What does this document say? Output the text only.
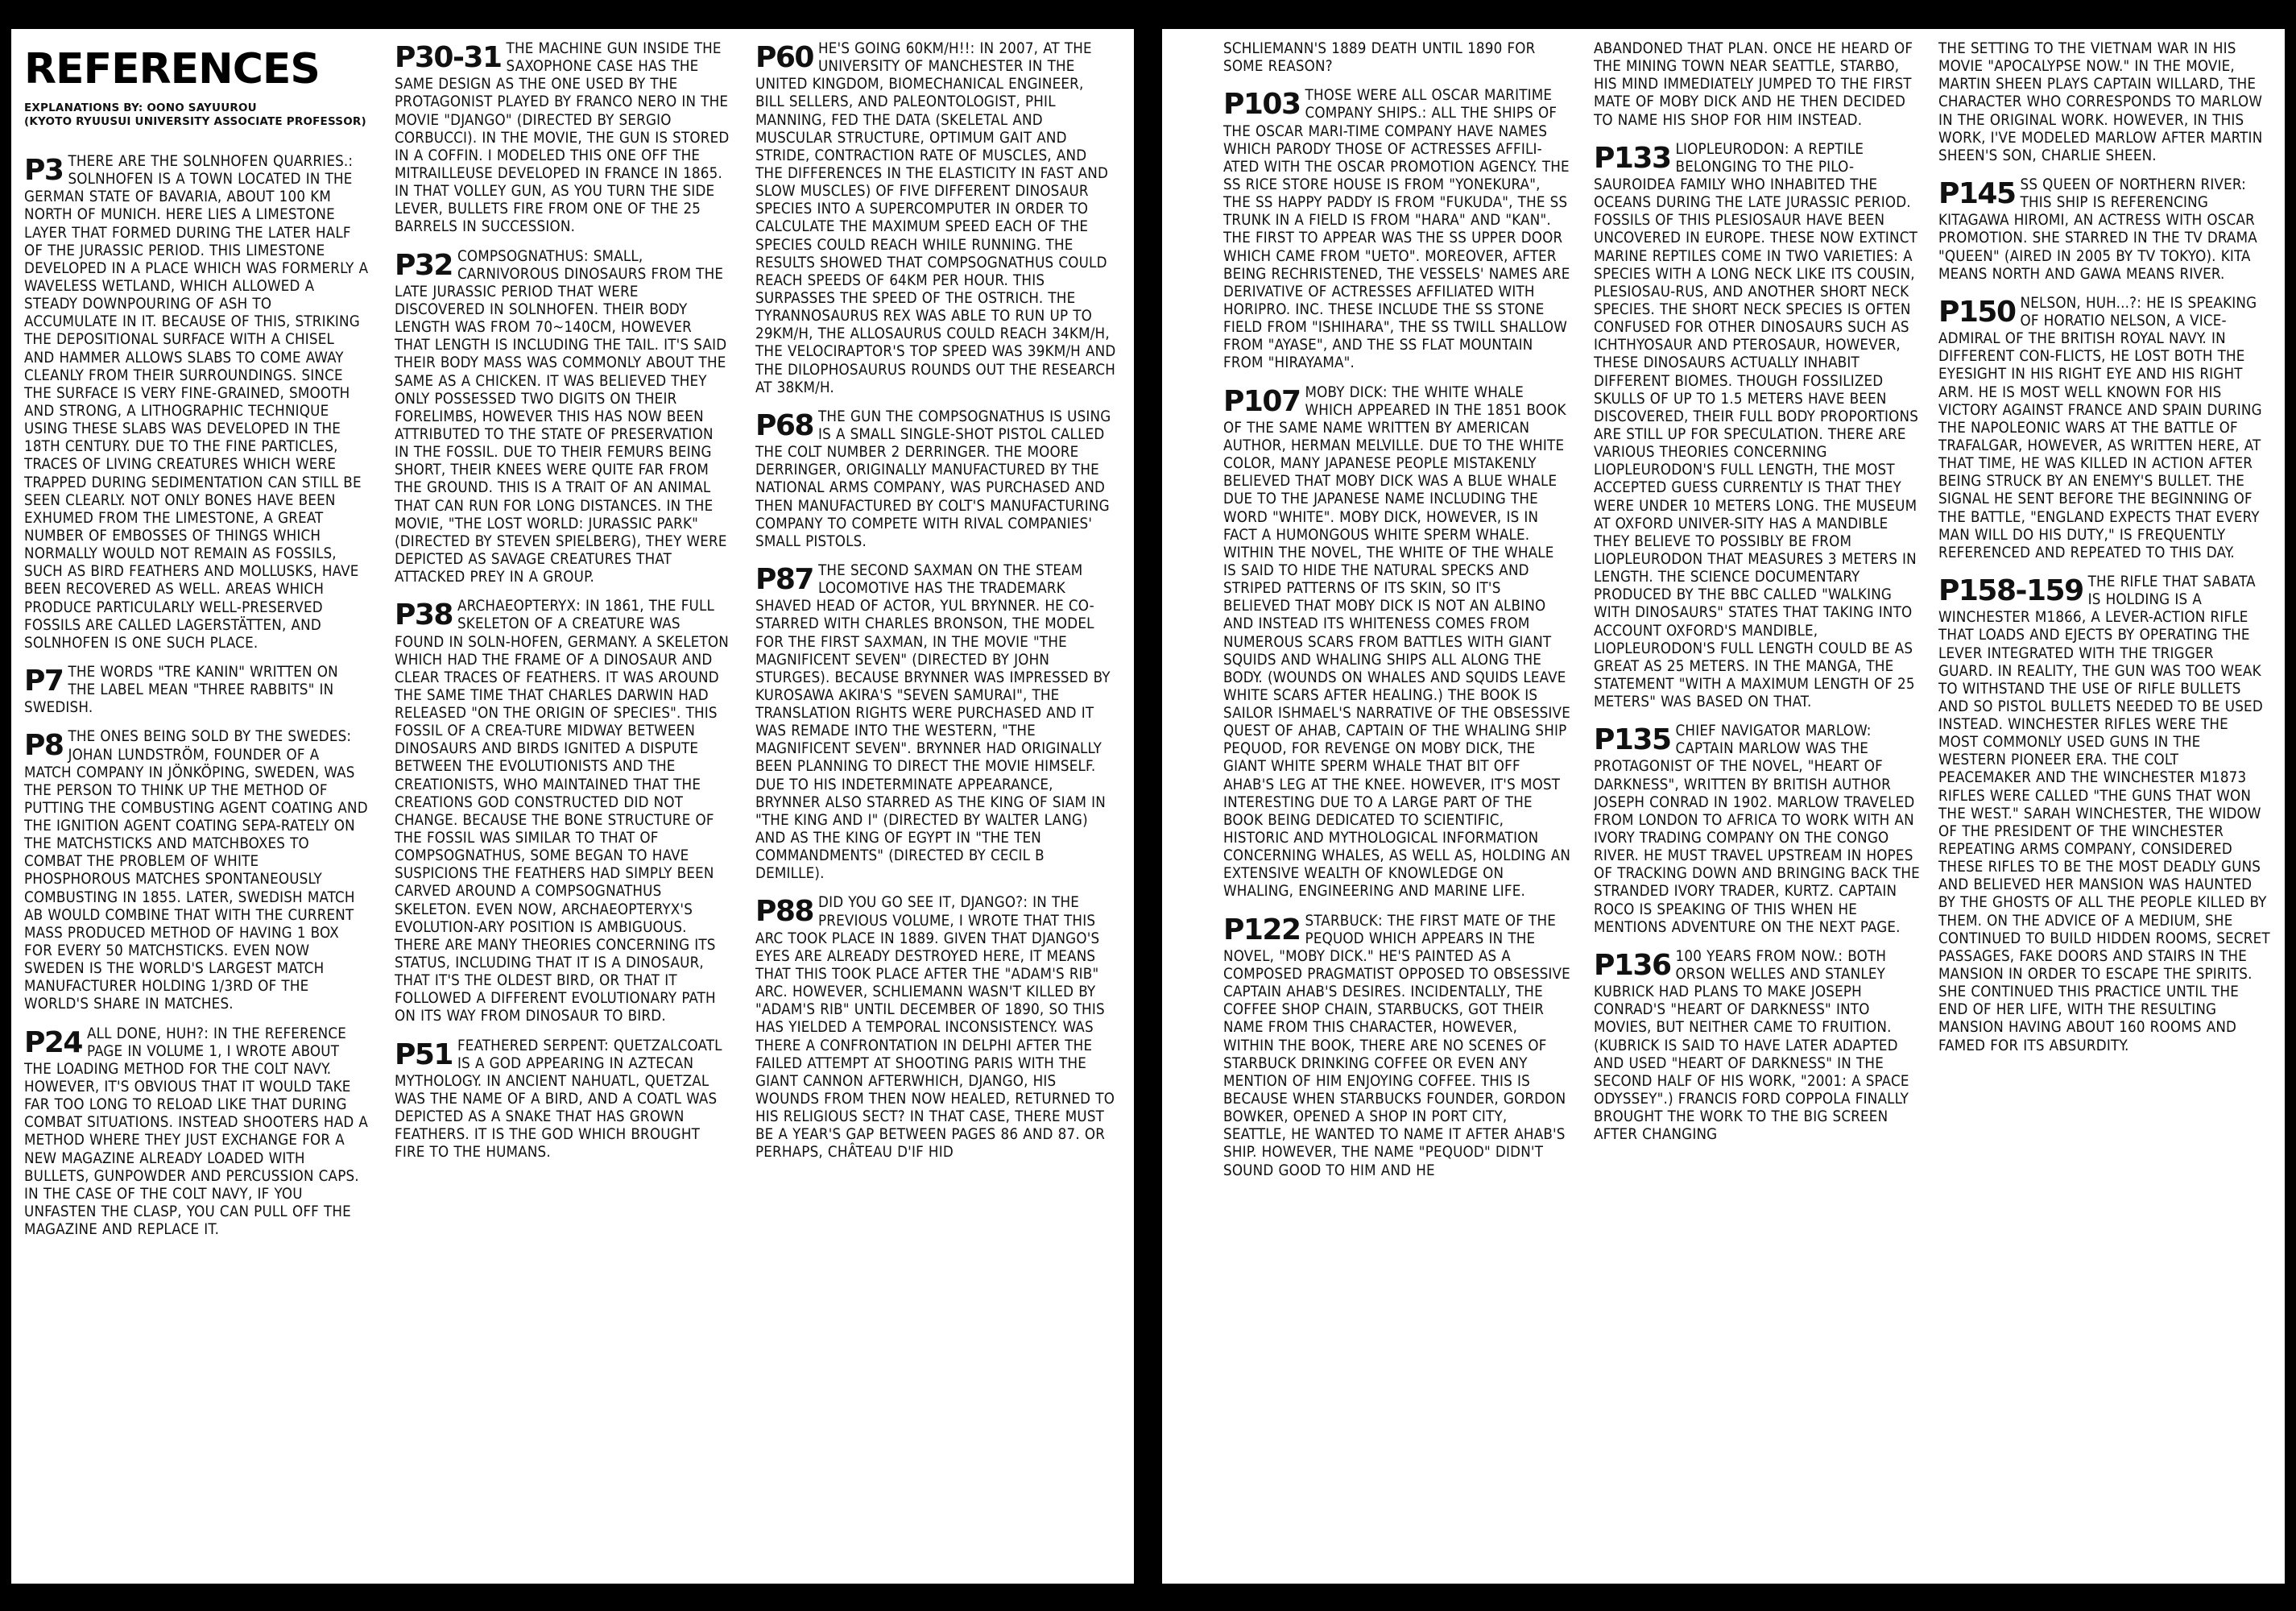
REFERENCES
EXPLANATIONS BY: OONO SAYUUROU
(KYOTO RYUUSUI UNIVERSITY ASSOCIATE PROFESSOR)

P3 THERE ARE THE SOLNHOFEN QUARRIES.: SOLNHOFEN IS A TOWN LOCATED IN THE GERMAN STATE OF BAVARIA, ABOUT 100 KM NORTH OF MUNICH. HERE LIES A LIMESTONE LAYER THAT FORMED DURING THE LATER HALF OF THE JURASSIC PERIOD. THIS LIMESTONE DEVELOPED IN A PLACE WHICH WAS FORMERLY A WAVELESS WETLAND, WHICH ALLOWED A STEADY DOWNPOURING OF ASH TO ACCUMULATE IN IT. BECAUSE OF THIS, STRIKING THE DEPOSITIONAL SURFACE WITH A CHISEL AND HAMMER ALLOWS SLABS TO COME AWAY CLEANLY FROM THEIR SURROUNDINGS. SINCE THE SURFACE IS VERY FINE-GRAINED, SMOOTH AND STRONG, A LITHOGRAPHIC TECHNIQUE USING THESE SLABS WAS DEVELOPED IN THE 18TH CENTURY. DUE TO THE FINE PARTICLES, TRACES OF LIVING CREATURES WHICH WERE TRAPPED DURING SEDIMENTATION CAN STILL BE SEEN CLEARLY. NOT ONLY BONES HAVE BEEN EXHUMED FROM THE LIMESTONE, A GREAT NUMBER OF EMBOSSES OF THINGS WHICH NORMALLY WOULD NOT REMAIN AS FOSSILS, SUCH AS BIRD FEATHERS AND MOLLUSKS, HAVE BEEN RECOVERED AS WELL. AREAS WHICH PRODUCE PARTICULARLY WELL-PRESERVED FOSSILS ARE CALLED LAGERSTÄTTEN, AND SOLNHOFEN IS ONE SUCH PLACE.

P7 THE WORDS "TRE KANIN" WRITTEN ON THE LABEL MEAN "THREE RABBITS" IN SWEDISH.

P8 THE ONES BEING SOLD BY THE SWEDES: JOHAN LUNDSTRÖM, FOUNDER OF A MATCH COMPANY IN JÖNKÖPING, SWEDEN, WAS THE PERSON TO THINK UP THE METHOD OF PUTTING THE COMBUSTING AGENT COATING AND THE IGNITION AGENT COATING SEPA-RATELY ON THE MATCHSTICKS AND MATCHBOXES TO COMBAT THE PROBLEM OF WHITE PHOSPHOROUS MATCHES SPONTANEOUSLY COMBUSTING IN 1855. LATER, SWEDISH MATCH AB WOULD COMBINE THAT WITH THE CURRENT MASS PRODUCED METHOD OF HAVING 1 BOX FOR EVERY 50 MATCHSTICKS. EVEN NOW SWEDEN IS THE WORLD'S LARGEST MATCH MANUFACTURER HOLDING 1/3RD OF THE WORLD'S SHARE IN MATCHES.

P24 ALL DONE, HUH?: IN THE REFERENCE PAGE IN VOLUME 1, I WROTE ABOUT THE LOADING METHOD FOR THE COLT NAVY. HOWEVER, IT'S OBVIOUS THAT IT WOULD TAKE FAR TOO LONG TO RELOAD LIKE THAT DURING COMBAT SITUATIONS. INSTEAD SHOOTERS HAD A METHOD WHERE THEY JUST EXCHANGE FOR A NEW MAGAZINE ALREADY LOADED WITH BULLETS, GUNPOWDER AND PERCUSSION CAPS. IN THE CASE OF THE COLT NAVY, IF YOU UNFASTEN THE CLASP, YOU CAN PULL OFF THE MAGAZINE AND REPLACE IT.

P30-31 THE MACHINE GUN INSIDE THE SAXOPHONE CASE HAS THE SAME DESIGN AS THE ONE USED BY THE PROTAGONIST PLAYED BY FRANCO NERO IN THE MOVIE "DJANGO" (DIRECTED BY SERGIO CORBUCCI). IN THE MOVIE, THE GUN IS STORED IN A COFFIN. I MODELED THIS ONE OFF THE MITRAILLEUSE DEVELOPED IN FRANCE IN 1865. IN THAT VOLLEY GUN, AS YOU TURN THE SIDE LEVER, BULLETS FIRE FROM ONE OF THE 25 BARRELS IN SUCCESSION.

P32 COMPSOGNATHUS: SMALL, CARNIVOROUS DINOSAURS FROM THE LATE JURASSIC PERIOD THAT WERE DISCOVERED IN SOLNHOFEN. THEIR BODY LENGTH WAS FROM 70~140CM, HOWEVER THAT LENGTH IS INCLUDING THE TAIL. IT'S SAID THEIR BODY MASS WAS COMMONLY ABOUT THE SAME AS A CHICKEN. IT WAS BELIEVED THEY ONLY POSSESSED TWO DIGITS ON THEIR FORELIMBS, HOWEVER THIS HAS NOW BEEN ATTRIBUTED TO THE STATE OF PRESERVATION IN THE FOSSIL. DUE TO THEIR FEMURS BEING SHORT, THEIR KNEES WERE QUITE FAR FROM THE GROUND. THIS IS A TRAIT OF AN ANIMAL THAT CAN RUN FOR LONG DISTANCES. IN THE MOVIE, "THE LOST WORLD: JURASSIC PARK" (DIRECTED BY STEVEN SPIELBERG), THEY WERE DEPICTED AS SAVAGE CREATURES THAT ATTACKED PREY IN A GROUP.

P38 ARCHAEOPTERYX: IN 1861, THE FULL SKELETON OF A CREATURE WAS FOUND IN SOLN-HOFEN, GERMANY. A SKELETON WHICH HAD THE FRAME OF A DINOSAUR AND CLEAR TRACES OF FEATHERS. IT WAS AROUND THE SAME TIME THAT CHARLES DARWIN HAD RELEASED "ON THE ORIGIN OF SPECIES". THIS FOSSIL OF A CREA-TURE MIDWAY BETWEEN DINOSAURS AND BIRDS IGNITED A DISPUTE BETWEEN THE EVOLUTIONISTS AND THE CREATIONISTS, WHO MAINTAINED THAT THE CREATIONS GOD CONSTRUCTED DID NOT CHANGE. BECAUSE THE BONE STRUCTURE OF THE FOSSIL WAS SIMILAR TO THAT OF COMPSOGNATHUS, SOME BEGAN TO HAVE SUSPICIONS THE FEATHERS HAD SIMPLY BEEN CARVED AROUND A COMPSOGNATHUS SKELETON. EVEN NOW, ARCHAEOPTERYX'S EVOLUTION-ARY POSITION IS AMBIGUOUS. THERE ARE MANY THEORIES CONCERNING ITS STATUS, INCLUDING THAT IT IS A DINOSAUR, THAT IT'S THE OLDEST BIRD, OR THAT IT FOLLOWED A DIFFERENT EVOLUTIONARY PATH ON ITS WAY FROM DINOSAUR TO BIRD.

P51 FEATHERED SERPENT: QUETZALCOATL IS A GOD APPEARING IN AZTECAN MYTHOLOGY. IN ANCIENT NAHUATL, QUETZAL WAS THE NAME OF A BIRD, AND A COATL WAS DEPICTED AS A SNAKE THAT HAS GROWN FEATHERS. IT IS THE GOD WHICH BROUGHT FIRE TO THE HUMANS.

P60 HE'S GOING 60KM/H!!: IN 2007, AT THE UNIVERSITY OF MANCHESTER IN THE UNITED KINGDOM, BIOMECHANICAL ENGINEER, BILL SELLERS, AND PALEONTOLOGIST, PHIL MANNING, FED THE DATA (SKELETAL AND MUSCULAR STRUCTURE, OPTIMUM GAIT AND STRIDE, CONTRACTION RATE OF MUSCLES, AND THE DIFFERENCES IN THE ELASTICITY IN FAST AND SLOW MUSCLES) OF FIVE DIFFERENT DINOSAUR SPECIES INTO A SUPERCOMPUTER IN ORDER TO CALCULATE THE MAXIMUM SPEED EACH OF THE SPECIES COULD REACH WHILE RUNNING. THE RESULTS SHOWED THAT COMPSOGNATHUS COULD REACH SPEEDS OF 64KM PER HOUR. THIS SURPASSES THE SPEED OF THE OSTRICH. THE TYRANNOSAURUS REX WAS ABLE TO RUN UP TO 29KM/H, THE ALLOSAURUS COULD REACH 34KM/H, THE VELOCIRAPTOR'S TOP SPEED WAS 39KM/H AND THE DILOPHOSAURUS ROUNDS OUT THE RESEARCH AT 38KM/H.

P68 THE GUN THE COMPSOGNATHUS IS USING IS A SMALL SINGLE-SHOT PISTOL CALLED THE COLT NUMBER 2 DERRINGER. THE MOORE DERRINGER, ORIGINALLY MANUFACTURED BY THE NATIONAL ARMS COMPANY, WAS PURCHASED AND THEN MANUFACTURED BY COLT'S MANUFACTURING COMPANY TO COMPETE WITH RIVAL COMPANIES' SMALL PISTOLS.

P87 THE SECOND SAXMAN ON THE STEAM LOCOMOTIVE HAS THE TRADEMARK SHAVED HEAD OF ACTOR, YUL BRYNNER. HE CO-STARRED WITH CHARLES BRONSON, THE MODEL FOR THE FIRST SAXMAN, IN THE MOVIE "THE MAGNIFICENT SEVEN" (DIRECTED BY JOHN STURGES). BECAUSE BRYNNER WAS IMPRESSED BY KUROSAWA AKIRA'S "SEVEN SAMURAI", THE TRANSLATION RIGHTS WERE PURCHASED AND IT WAS REMADE INTO THE WESTERN, "THE MAGNIFICENT SEVEN". BRYNNER HAD ORIGINALLY BEEN PLANNING TO DIRECT THE MOVIE HIMSELF. DUE TO HIS INDETERMINATE APPEARANCE, BRYNNER ALSO STARRED AS THE KING OF SIAM IN "THE KING AND I" (DIRECTED BY WALTER LANG) AND AS THE KING OF EGYPT IN "THE TEN COMMANDMENTS" (DIRECTED BY CECIL B DEMILLE).

P88 DID YOU GO SEE IT, DJANGO?: IN THE PREVIOUS VOLUME, I WROTE THAT THIS ARC TOOK PLACE IN 1889. GIVEN THAT DJANGO'S EYES ARE ALREADY DESTROYED HERE, IT MEANS THAT THIS TOOK PLACE AFTER THE "ADAM'S RIB" ARC. HOWEVER, SCHLIEMANN WASN'T KILLED BY "ADAM'S RIB" UNTIL DECEMBER OF 1890, SO THIS HAS YIELDED A TEMPORAL INCONSISTENCY. WAS THERE A CONFRONTATION IN DELPHI AFTER THE FAILED ATTEMPT AT SHOOTING PARIS WITH THE GIANT CANNON AFTERWHICH, DJANGO, HIS WOUNDS FROM THEN NOW HEALED, RETURNED TO HIS RELIGIOUS SECT? IN THAT CASE, THERE MUST BE A YEAR'S GAP BETWEEN PAGES 86 AND 87. OR PERHAPS, CHÂTEAU D'IF HID

SCHLIEMANN'S 1889 DEATH UNTIL 1890 FOR SOME REASON?

P103 THOSE WERE ALL OSCAR MARITIME COMPANY SHIPS.: ALL THE SHIPS OF THE OSCAR MARI-TIME COMPANY HAVE NAMES WHICH PARODY THOSE OF ACTRESSES AFFILI-ATED WITH THE OSCAR PROMOTION AGENCY. THE SS RICE STORE HOUSE IS FROM "YONEKURA", THE SS HAPPY PADDY IS FROM "FUKUDA", THE SS TRUNK IN A FIELD IS FROM "HARA" AND "KAN". THE FIRST TO APPEAR WAS THE SS UPPER DOOR WHICH CAME FROM "UETO". MOREOVER, AFTER BEING RECHRISTENED, THE VESSELS' NAMES ARE DERIVATIVE OF ACTRESSES AFFILIATED WITH HORIPRO. INC. THESE INCLUDE THE SS STONE FIELD FROM "ISHIHARA", THE SS TWILL SHALLOW FROM "AYASE", AND THE SS FLAT MOUNTAIN FROM "HIRAYAMA".

P107 MOBY DICK: THE WHITE WHALE WHICH APPEARED IN THE 1851 BOOK OF THE SAME NAME WRITTEN BY AMERICAN AUTHOR, HERMAN MELVILLE. DUE TO THE WHITE COLOR, MANY JAPANESE PEOPLE MISTAKENLY BELIEVED THAT MOBY DICK WAS A BLUE WHALE DUE TO THE JAPANESE NAME INCLUDING THE WORD "WHITE". MOBY DICK, HOWEVER, IS IN FACT A HUMONGOUS WHITE SPERM WHALE. WITHIN THE NOVEL, THE WHITE OF THE WHALE IS SAID TO HIDE THE NATURAL SPECKS AND STRIPED PATTERNS OF ITS SKIN, SO IT'S BELIEVED THAT MOBY DICK IS NOT AN ALBINO AND INSTEAD ITS WHITENESS COMES FROM NUMEROUS SCARS FROM BATTLES WITH GIANT SQUIDS AND WHALING SHIPS ALL ALONG THE BODY. (WOUNDS ON WHALES AND SQUIDS LEAVE WHITE SCARS AFTER HEALING.) THE BOOK IS SAILOR ISHMAEL'S NARRATIVE OF THE OBSESSIVE QUEST OF AHAB, CAPTAIN OF THE WHALING SHIP PEQUOD, FOR REVENGE ON MOBY DICK, THE GIANT WHITE SPERM WHALE THAT BIT OFF AHAB'S LEG AT THE KNEE. HOWEVER, IT'S MOST INTERESTING DUE TO A LARGE PART OF THE BOOK BEING DEDICATED TO SCIENTIFIC, HISTORIC AND MYTHOLOGICAL INFORMATION CONCERNING WHALES, AS WELL AS, HOLDING AN EXTENSIVE WEALTH OF KNOWLEDGE ON WHALING, ENGINEERING AND MARINE LIFE.

P122 STARBUCK: THE FIRST MATE OF THE PEQUOD WHICH APPEARS IN THE NOVEL, "MOBY DICK." HE'S PAINTED AS A COMPOSED PRAGMATIST OPPOSED TO OBSESSIVE CAPTAIN AHAB'S DESIRES. INCIDENTALLY, THE COFFEE SHOP CHAIN, STARBUCKS, GOT THEIR NAME FROM THIS CHARACTER, HOWEVER, WITHIN THE BOOK, THERE ARE NO SCENES OF STARBUCK DRINKING COFFEE OR EVEN ANY MENTION OF HIM ENJOYING COFFEE. THIS IS BECAUSE WHEN STARBUCKS FOUNDER, GORDON BOWKER, OPENED A SHOP IN PORT CITY, SEATTLE, HE WANTED TO NAME IT AFTER AHAB'S SHIP. HOWEVER, THE NAME "PEQUOD" DIDN'T SOUND GOOD TO HIM AND HE

ABANDONED THAT PLAN. ONCE HE HEARD OF THE MINING TOWN NEAR SEATTLE, STARBO, HIS MIND IMMEDIATELY JUMPED TO THE FIRST MATE OF MOBY DICK AND HE THEN DECIDED TO NAME HIS SHOP FOR HIM INSTEAD.

P133 LIOPLEURODON: A REPTILE BELONGING TO THE PILO-SAUROIDEA FAMILY WHO INHABITED THE OCEANS DURING THE LATE JURASSIC PERIOD. FOSSILS OF THIS PLESIOSAUR HAVE BEEN UNCOVERED IN EUROPE. THESE NOW EXTINCT MARINE REPTILES COME IN TWO VARIETIES: A SPECIES WITH A LONG NECK LIKE ITS COUSIN, PLESIOSAU-RUS, AND ANOTHER SHORT NECK SPECIES. THE SHORT NECK SPECIES IS OFTEN CONFUSED FOR OTHER DINOSAURS SUCH AS ICHTHYOSAUR AND PTEROSAUR, HOWEVER, THESE DINOSAURS ACTUALLY INHABIT DIFFERENT BIOMES. THOUGH FOSSILIZED SKULLS OF UP TO 1.5 METERS HAVE BEEN DISCOVERED, THEIR FULL BODY PROPORTIONS ARE STILL UP FOR SPECULATION. THERE ARE VARIOUS THEORIES CONCERNING LIOPLEURODON'S FULL LENGTH, THE MOST ACCEPTED GUESS CURRENTLY IS THAT THEY WERE UNDER 10 METERS LONG. THE MUSEUM AT OXFORD UNIVER-SITY HAS A MANDIBLE THEY BELIEVE TO POSSIBLY BE FROM LIOPLEURODON THAT MEASURES 3 METERS IN LENGTH. THE SCIENCE DOCUMENTARY PRODUCED BY THE BBC CALLED "WALKING WITH DINOSAURS" STATES THAT TAKING INTO ACCOUNT OXFORD'S MANDIBLE, LIOPLEURODON'S FULL LENGTH COULD BE AS GREAT AS 25 METERS. IN THE MANGA, THE STATEMENT "WITH A MAXIMUM LENGTH OF 25 METERS" WAS BASED ON THAT.

P135 CHIEF NAVIGATOR MARLOW: CAPTAIN MARLOW WAS THE PROTAGONIST OF THE NOVEL, "HEART OF DARKNESS", WRITTEN BY BRITISH AUTHOR JOSEPH CONRAD IN 1902. MARLOW TRAVELED FROM LONDON TO AFRICA TO WORK WITH AN IVORY TRADING COMPANY ON THE CONGO RIVER. HE MUST TRAVEL UPSTREAM IN HOPES OF TRACKING DOWN AND BRINGING BACK THE STRANDED IVORY TRADER, KURTZ. CAPTAIN ROCO IS SPEAKING OF THIS WHEN HE MENTIONS ADVENTURE ON THE NEXT PAGE.

P136 100 YEARS FROM NOW.: BOTH ORSON WELLES AND STANLEY KUBRICK HAD PLANS TO MAKE JOSEPH CONRAD'S "HEART OF DARKNESS" INTO MOVIES, BUT NEITHER CAME TO FRUITION. (KUBRICK IS SAID TO HAVE LATER ADAPTED AND USED "HEART OF DARKNESS" IN THE SECOND HALF OF HIS WORK, "2001: A SPACE ODYSSEY".) FRANCIS FORD COPPOLA FINALLY BROUGHT THE WORK TO THE BIG SCREEN AFTER CHANGING

THE SETTING TO THE VIETNAM WAR IN HIS MOVIE "APOCALYPSE NOW." IN THE MOVIE, MARTIN SHEEN PLAYS CAPTAIN WILLARD, THE CHARACTER WHO CORRESPONDS TO MARLOW IN THE ORIGINAL WORK. HOWEVER, IN THIS WORK, I'VE MODELED MARLOW AFTER MARTIN SHEEN'S SON, CHARLIE SHEEN.

P145 SS QUEEN OF NORTHERN RIVER: THIS SHIP IS REFERENCING KITAGAWA HIROMI, AN ACTRESS WITH OSCAR PROMOTION. SHE STARRED IN THE TV DRAMA "QUEEN" (AIRED IN 2005 BY TV TOKYO). KITA MEANS NORTH AND GAWA MEANS RIVER.

P150 NELSON, HUH...?: HE IS SPEAKING OF HORATIO NELSON, A VICE-ADMIRAL OF THE BRITISH ROYAL NAVY. IN DIFFERENT CON-FLICTS, HE LOST BOTH THE EYESIGHT IN HIS RIGHT EYE AND HIS RIGHT ARM. HE IS MOST WELL KNOWN FOR HIS VICTORY AGAINST FRANCE AND SPAIN DURING THE NAPOLEONIC WARS AT THE BATTLE OF TRAFALGAR, HOWEVER, AS WRITTEN HERE, AT THAT TIME, HE WAS KILLED IN ACTION AFTER BEING STRUCK BY AN ENEMY'S BULLET. THE SIGNAL HE SENT BEFORE THE BEGINNING OF THE BATTLE, "ENGLAND EXPECTS THAT EVERY MAN WILL DO HIS DUTY," IS FREQUENTLY REFERENCED AND REPEATED TO THIS DAY.

P158-159 THE RIFLE THAT SABATA IS HOLDING IS A WINCHESTER M1866, A LEVER-ACTION RIFLE THAT LOADS AND EJECTS BY OPERATING THE LEVER INTEGRATED WITH THE TRIGGER GUARD. IN REALITY, THE GUN WAS TOO WEAK TO WITHSTAND THE USE OF RIFLE BULLETS AND SO PISTOL BULLETS NEEDED TO BE USED INSTEAD. WINCHESTER RIFLES WERE THE MOST COMMONLY USED GUNS IN THE WESTERN PIONEER ERA. THE COLT PEACEMAKER AND THE WINCHESTER M1873 RIFLES WERE CALLED "THE GUNS THAT WON THE WEST." SARAH WINCHESTER, THE WIDOW OF THE PRESIDENT OF THE WINCHESTER REPEATING ARMS COMPANY, CONSIDERED THESE RIFLES TO BE THE MOST DEADLY GUNS AND BELIEVED HER MANSION WAS HAUNTED BY THE GHOSTS OF ALL THE PEOPLE KILLED BY THEM. ON THE ADVICE OF A MEDIUM, SHE CONTINUED TO BUILD HIDDEN ROOMS, SECRET PASSAGES, FAKE DOORS AND STAIRS IN THE MANSION IN ORDER TO ESCAPE THE SPIRITS. SHE CONTINUED THIS PRACTICE UNTIL THE END OF HER LIFE, WITH THE RESULTING MANSION HAVING ABOUT 160 ROOMS AND FAMED FOR ITS ABSURDITY.
